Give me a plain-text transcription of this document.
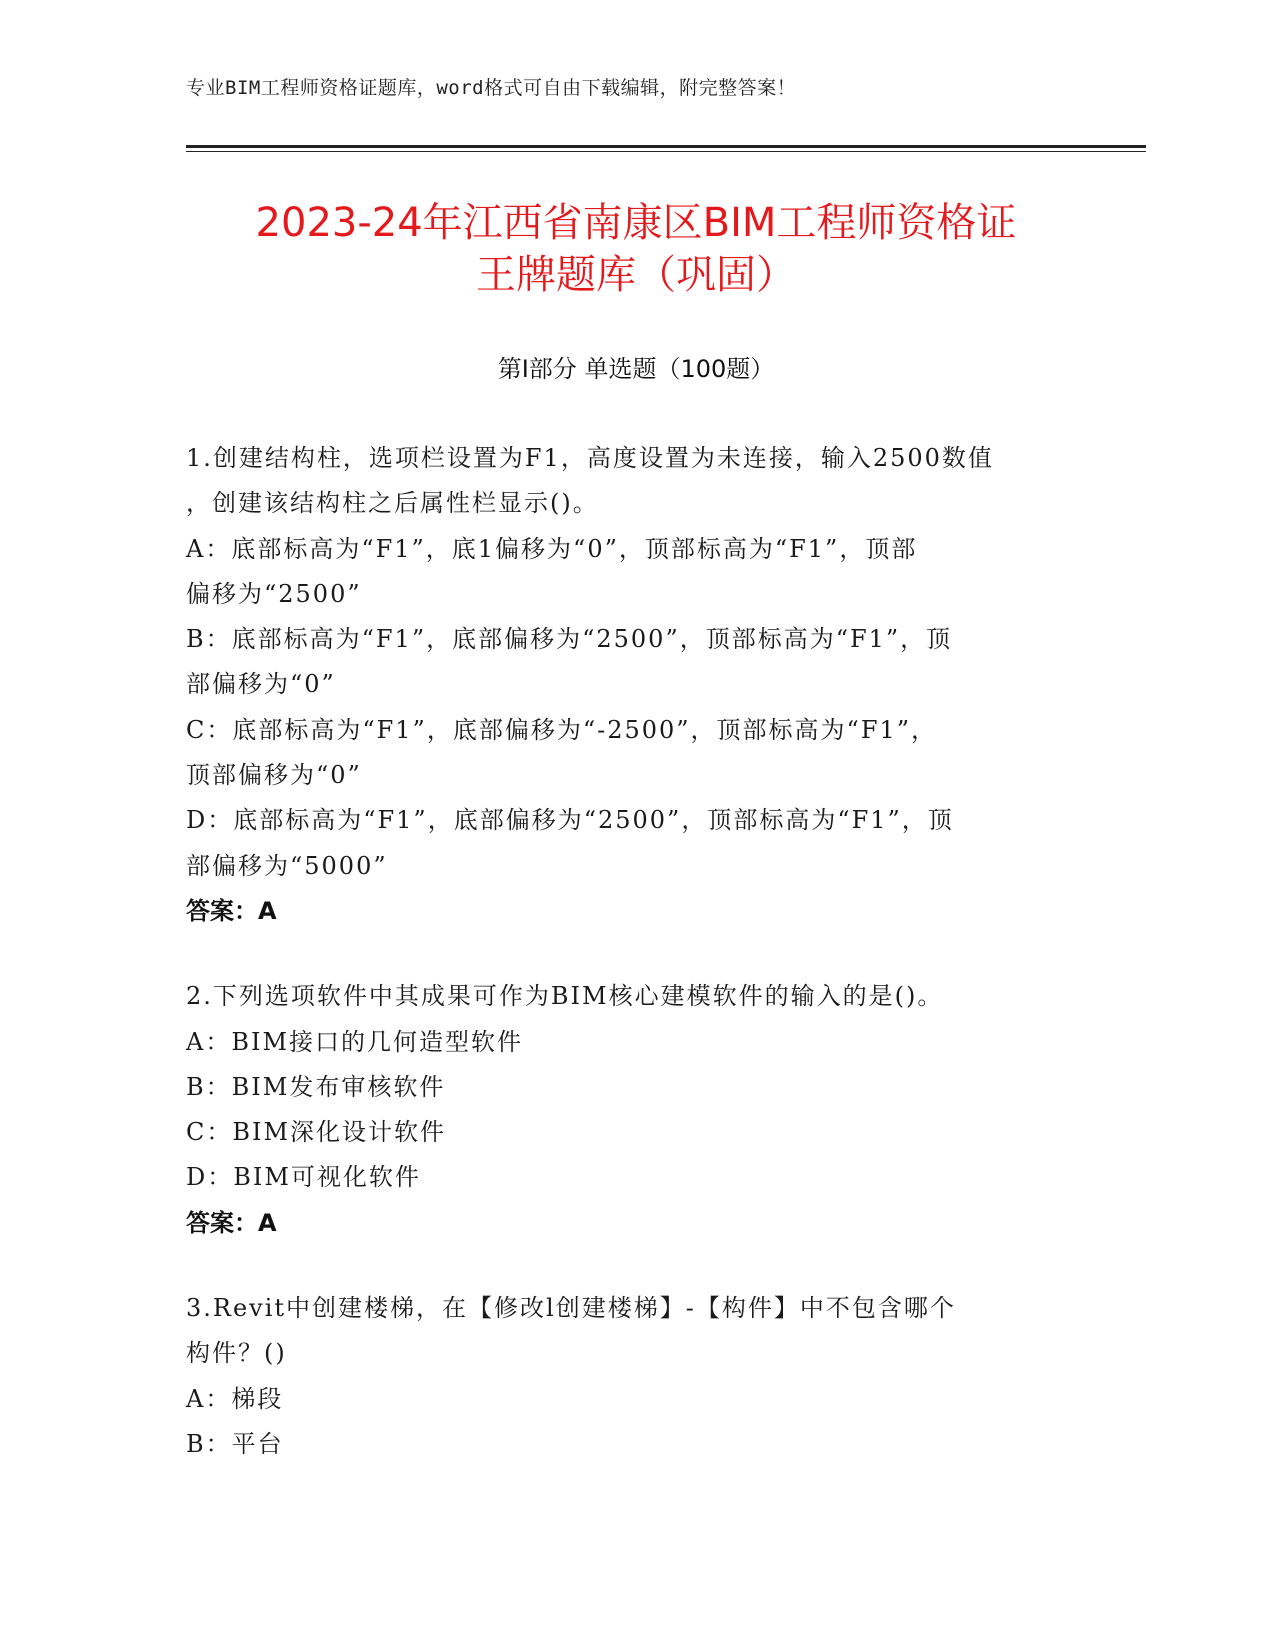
专业BIM工程师资格证题库，word格式可自由下载编辑，附完整答案！
2023-24年江西省南康区BIM工程师资格证
王牌题库（巩固）
第Ⅰ部分 单选题（100题）
1.创建结构柱，选项栏设置为F1，高度设置为未连接，输入2500数值
，创建该结构柱之后属性栏显示()。
A：底部标高为“F1”，底1偏移为“0”，顶部标高为“F1”，顶部
偏移为“2500”
B：底部标高为“F1”，底部偏移为“2500”，顶部标高为“F1”，顶
部偏移为“0”
C：底部标高为“F1”，底部偏移为“-2500”，顶部标高为“F1”，
顶部偏移为“0”
D：底部标高为“F1”，底部偏移为“2500”，顶部标高为“F1”，顶
部偏移为“5000”
答案：A
2.下列选项软件中其成果可作为BIM核心建模软件的输入的是()。
A：BIM接口的几何造型软件
B：BIM发布审核软件
C：BIM深化设计软件
D：BIM可视化软件
答案：A
3.Revit中创建楼梯，在【修改l创建楼梯】-【构件】中不包含哪个
构件？()
A：梯段
B：平台
